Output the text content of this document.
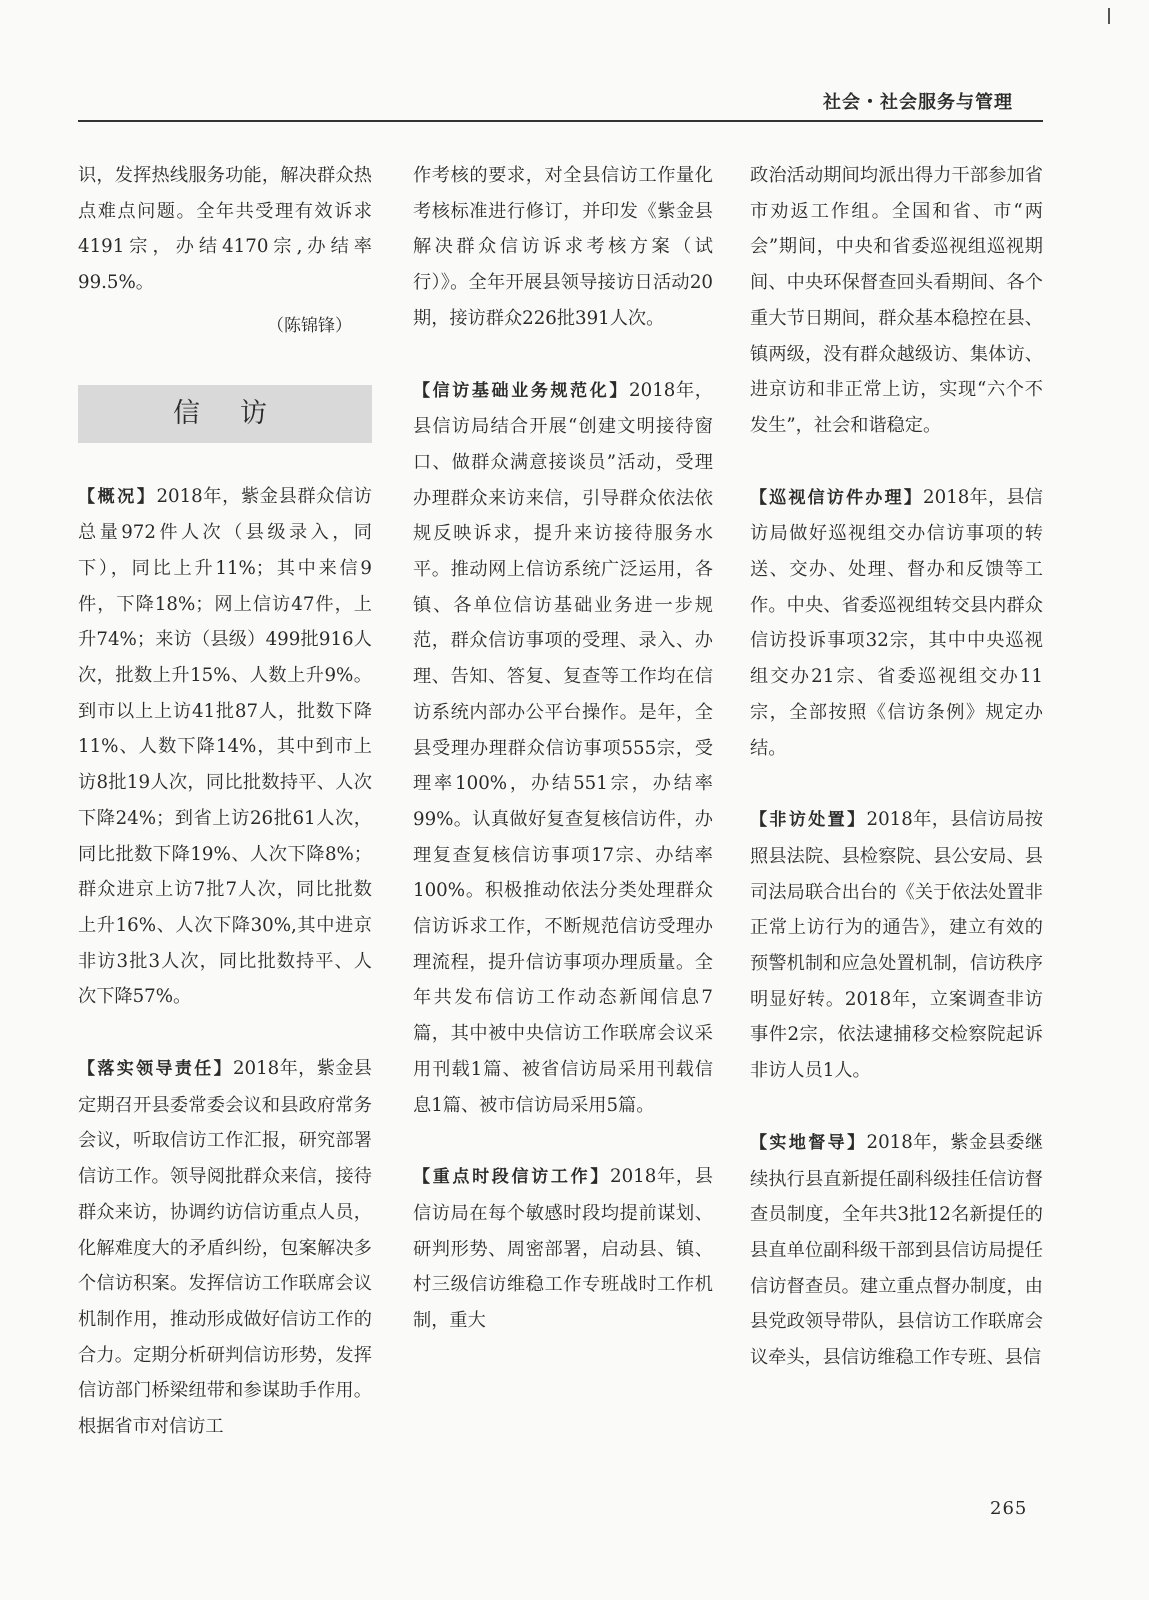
社会・社会服务与管理

识，发挥热线服务功能，解决群众热点难点问题。全年共受理有效诉求4191宗，办结4170宗,办结率99.5%。

（陈锦锋）
信访

【概况】2018年，紫金县群众信访总量972件人次（县级录入，同下），同比上升11%；其中来信9件，下降18%；网上信访47件，上升74%；来访（县级）499批916人次，批数上升15%、人数上升9%。到市以上上访41批87人，批数下降11%、人数下降14%，其中到市上访8批19人次，同比批数持平、人次下降24%；到省上访26批61人次，同比批数下降19%、人次下降8%；群众进京上访7批7人次，同比批数上升16%、人次下降30%,其中进京非访3批3人次，同比批数持平、人次下降57%。

【落实领导责任】2018年，紫金县定期召开县委常委会议和县政府常务会议，听取信访工作汇报，研究部署信访工作。领导阅批群众来信，接待群众来访，协调约访信访重点人员，化解难度大的矛盾纠纷，包案解决多个信访积案。发挥信访工作联席会议机制作用，推动形成做好信访工作的合力。定期分析研判信访形势，发挥信访部门桥梁纽带和参谋助手作用。根据省市对信访工

作考核的要求，对全县信访工作量化考核标准进行修订，并印发《紫金县解决群众信访诉求考核方案（试行）》。全年开展县领导接访日活动20期，接访群众226批391人次。

【信访基础业务规范化】2018年，县信访局结合开展“创建文明接待窗口、做群众满意接谈员”活动，受理办理群众来访来信，引导群众依法依规反映诉求，提升来访接待服务水平。推动网上信访系统广泛运用，各镇、各单位信访基础业务进一步规范，群众信访事项的受理、录入、办理、告知、答复、复查等工作均在信访系统内部办公平台操作。是年，全县受理办理群众信访事项555宗，受理率100%，办结551宗，办结率99%。认真做好复查复核信访件，办理复查复核信访事项17宗、办结率100%。积极推动依法分类处理群众信访诉求工作，不断规范信访受理办理流程，提升信访事项办理质量。全年共发布信访工作动态新闻信息7篇，其中被中央信访工作联席会议采用刊载1篇、被省信访局采用刊载信息1篇、被市信访局采用5篇。

【重点时段信访工作】2018年，县信访局在每个敏感时段均提前谋划、研判形势、周密部署，启动县、镇、村三级信访维稳工作专班战时工作机制，重大

政治活动期间均派出得力干部参加省市劝返工作组。全国和省、市“两会”期间，中央和省委巡视组巡视期间、中央环保督查回头看期间、各个重大节日期间，群众基本稳控在县、镇两级，没有群众越级访、集体访、进京访和非正常上访，实现“六个不发生”，社会和谐稳定。

【巡视信访件办理】2018年，县信访局做好巡视组交办信访事项的转送、交办、处理、督办和反馈等工作。中央、省委巡视组转交县内群众信访投诉事项32宗，其中中央巡视组交办21宗、省委巡视组交办11宗，全部按照《信访条例》规定办结。

【非访处置】2018年，县信访局按照县法院、县检察院、县公安局、县司法局联合出台的《关于依法处置非正常上访行为的通告》，建立有效的预警机制和应急处置机制，信访秩序明显好转。2018年，立案调查非访事件2宗，依法逮捕移交检察院起诉非访人员1人。

【实地督导】2018年，紫金县委继续执行县直新提任副科级挂任信访督查员制度，全年共3批12名新提任的县直单位副科级干部到县信访局提任信访督查员。建立重点督办制度，由县党政领导带队，县信访工作联席会议牵头，县信访维稳工作专班、县信

265
